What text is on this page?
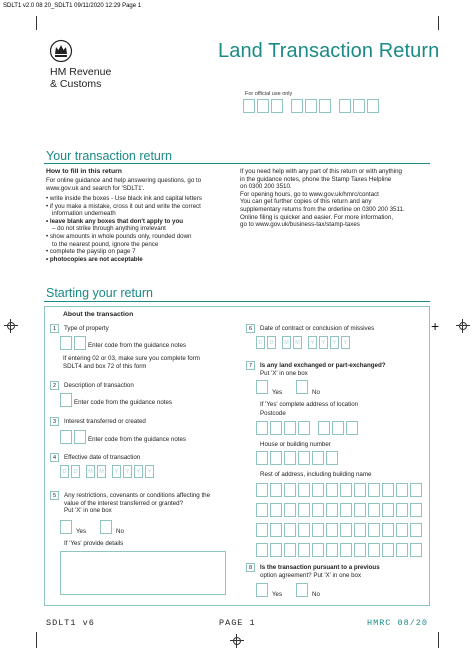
SDLT1 v2.0 08 20_SDLT1 09/11/2020 12:29 Page 1
+
HM Revenue
& Customs
Land Transaction Return
For official use only
Your transaction return
How to fill in this return
For online guidance and help answering questions, go to
www.gov.uk and search for 'SDLT1'.
• write inside the boxes - Use black ink and capital letters
• if you make a mistake, cross it out and write the correct
information underneath
• leave blank any boxes that don't apply to you
– do not strike through anything irrelevant
• show amounts in whole pounds only, rounded down
to the nearest pound, ignore the pence
• complete the payslip on page 7
• photocopies are not acceptable
If you need help with any part of this return or with anything
in the guidance notes, phone the Stamp Taxes Helpline
on 0300 200 3510.
For opening hours, go to www.gov.uk/hmrc/contact
You can get further copies of this return and any
supplementary returns from the orderline on 0300 200 3511.
Online filing is quicker and easier. For more information,
go to www.gov.uk/business-tax/stamp-taxes
Starting your return
About the transaction
1	Type of property
Enter code from the guidance notes
If entering 02 or 03, make sure you complete form
SDLT4 and box 72 of this form
2	Description of transaction
Enter code from the guidance notes
3	Interest transferred or created
Enter code from the guidance notes
4	Effective date of transaction
D	D	M	M	Y	Y	Y	Y
5	Any restrictions, covenants or conditions affecting the
value of the interest transferred or granted?
Put 'X' in one box
Yes	No
If 'Yes' provide details
6	Date of contract or conclusion of missives
D	D	M	M	Y	Y	Y	Y
7	Is any land exchanged or part-exchanged?
Put 'X' in one box
Yes	No
If 'Yes' complete address of location
Postcode
House or building number
Rest of address, including building name
8	Is the transaction pursuant to a previous
option agreement? Put 'X' in one box
Yes	No
SDLT1 v6	PAGE 1	HMRC 08/20
